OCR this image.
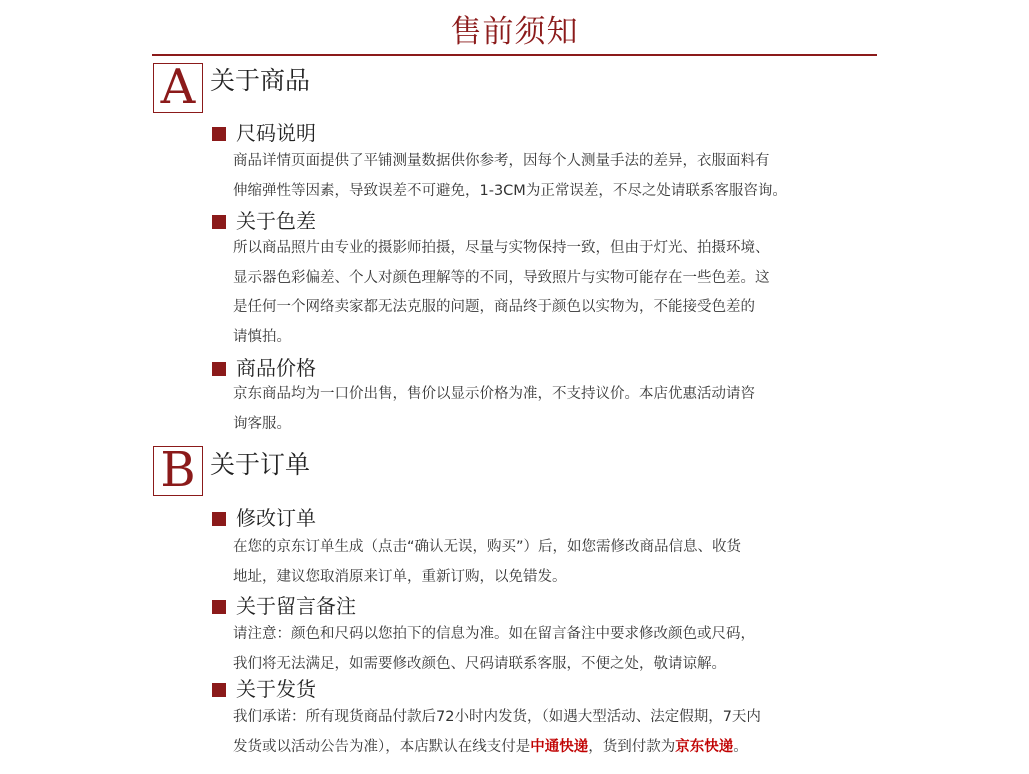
售前须知
A 关于商品
尺码说明

商品详情页面提供了平铺测量数据供你参考，因每个人测量手法的差异，衣服面料有

伸缩弹性等因素，导致误差不可避免，1-3CM为正常误差，不尽之处请联系客服咨询。

关于色差

所以商品照片由专业的摄影师拍摄，尽量与实物保持一致，但由于灯光、拍摄环境、

显示器色彩偏差、个人对颜色理解等的不同，导致照片与实物可能存在一些色差。这

是任何一个网络卖家都无法克服的问题，商品终于颜色以实物为，不能接受色差的

请慎拍。

商品价格

京东商品均为一口价出售，售价以显示价格为准，不支持议价。本店优惠活动请咨

询客服。

B 关于订单
修改订单

在您的京东订单生成（点击“确认无误，购买”）后，如您需修改商品信息、收货

地址，建议您取消原来订单，重新订购，以免错发。

关于留言备注

请注意：颜色和尺码以您拍下的信息为准。如在留言备注中要求修改颜色或尺码，

我们将无法满足，如需要修改颜色、尺码请联系客服，不便之处，敬请谅解。

关于发货

我们承诺：所有现货商品付款后72小时内发货，（如遇大型活动、法定假期，7天内

发货或以活动公告为准），本店默认在线支付是中通快递，货到付款为京东快递。
